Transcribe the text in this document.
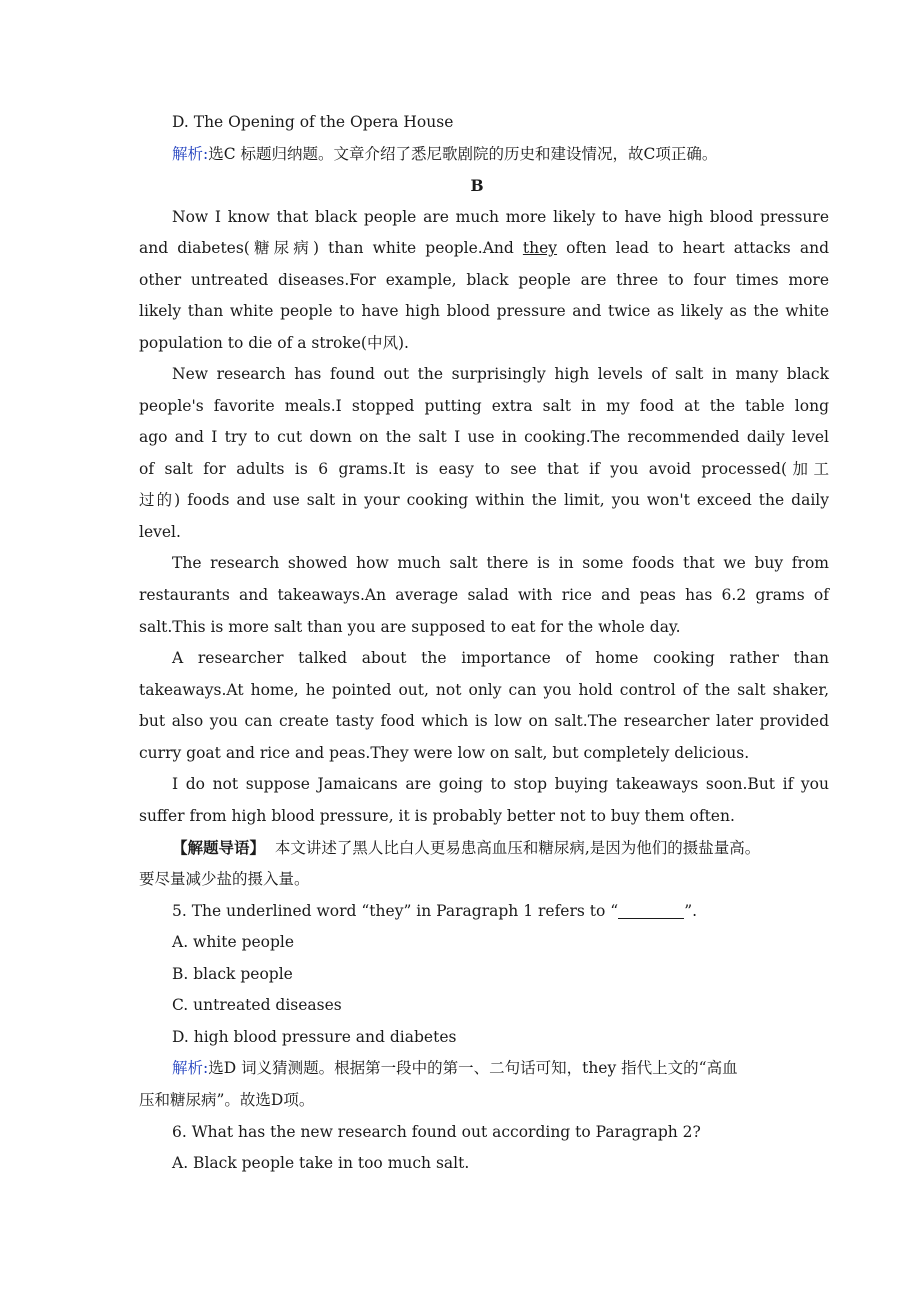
D. The Opening of the Opera House
解析:选C 标题归纳题。文章介绍了悉尼歌剧院的历史和建设情况，故C项正确。
B
Now I know that black people are much more likely to have high blood pressure
and diabetes(糖尿病) than white people.And they often lead to heart attacks and
other untreated diseases.For example, black people are three to four times more
likely than white people to have high blood pressure and twice as likely as the white
population to die of a stroke(中风).
New research has found out the surprisingly high levels of salt in many black
people's favorite meals.I stopped putting extra salt in my food at the table long
ago and I try to cut down on the salt I use in cooking.The recommended daily level
of salt for adults is 6 grams.It is easy to see that if you avoid processed(加工
过的) foods and use salt in your cooking within the limit, you won't exceed the daily
level.
The research showed how much salt there is in some foods that we buy from
restaurants and takeaways.An average salad with rice and peas has 6.2 grams of
salt.This is more salt than you are supposed to eat for the whole day.
A researcher talked about the importance of home cooking rather than
takeaways.At home, he pointed out, not only can you hold control of the salt shaker,
but also you can create tasty food which is low on salt.The researcher later provided
curry goat and rice and peas.They were low on salt, but completely delicious.
I do not suppose Jamaicans are going to stop buying takeaways soon.But if you
suffer from high blood pressure, it is probably better not to buy them often.
【解题导语】 本文讲述了黑人比白人更易患高血压和糖尿病,是因为他们的摄盐量高。
要尽量减少盐的摄入量。
5. The underlined word “they” in Paragraph 1 refers to “	”.
A. white people
B. black people
C. untreated diseases
D. high blood pressure and diabetes
解析:选D 词义猜测题。根据第一段中的第一、二句话可知，they 指代上文的“高血
压和糖尿病”。故选D项。
6. What has the new research found out according to Paragraph 2?
A. Black people take in too much salt.
